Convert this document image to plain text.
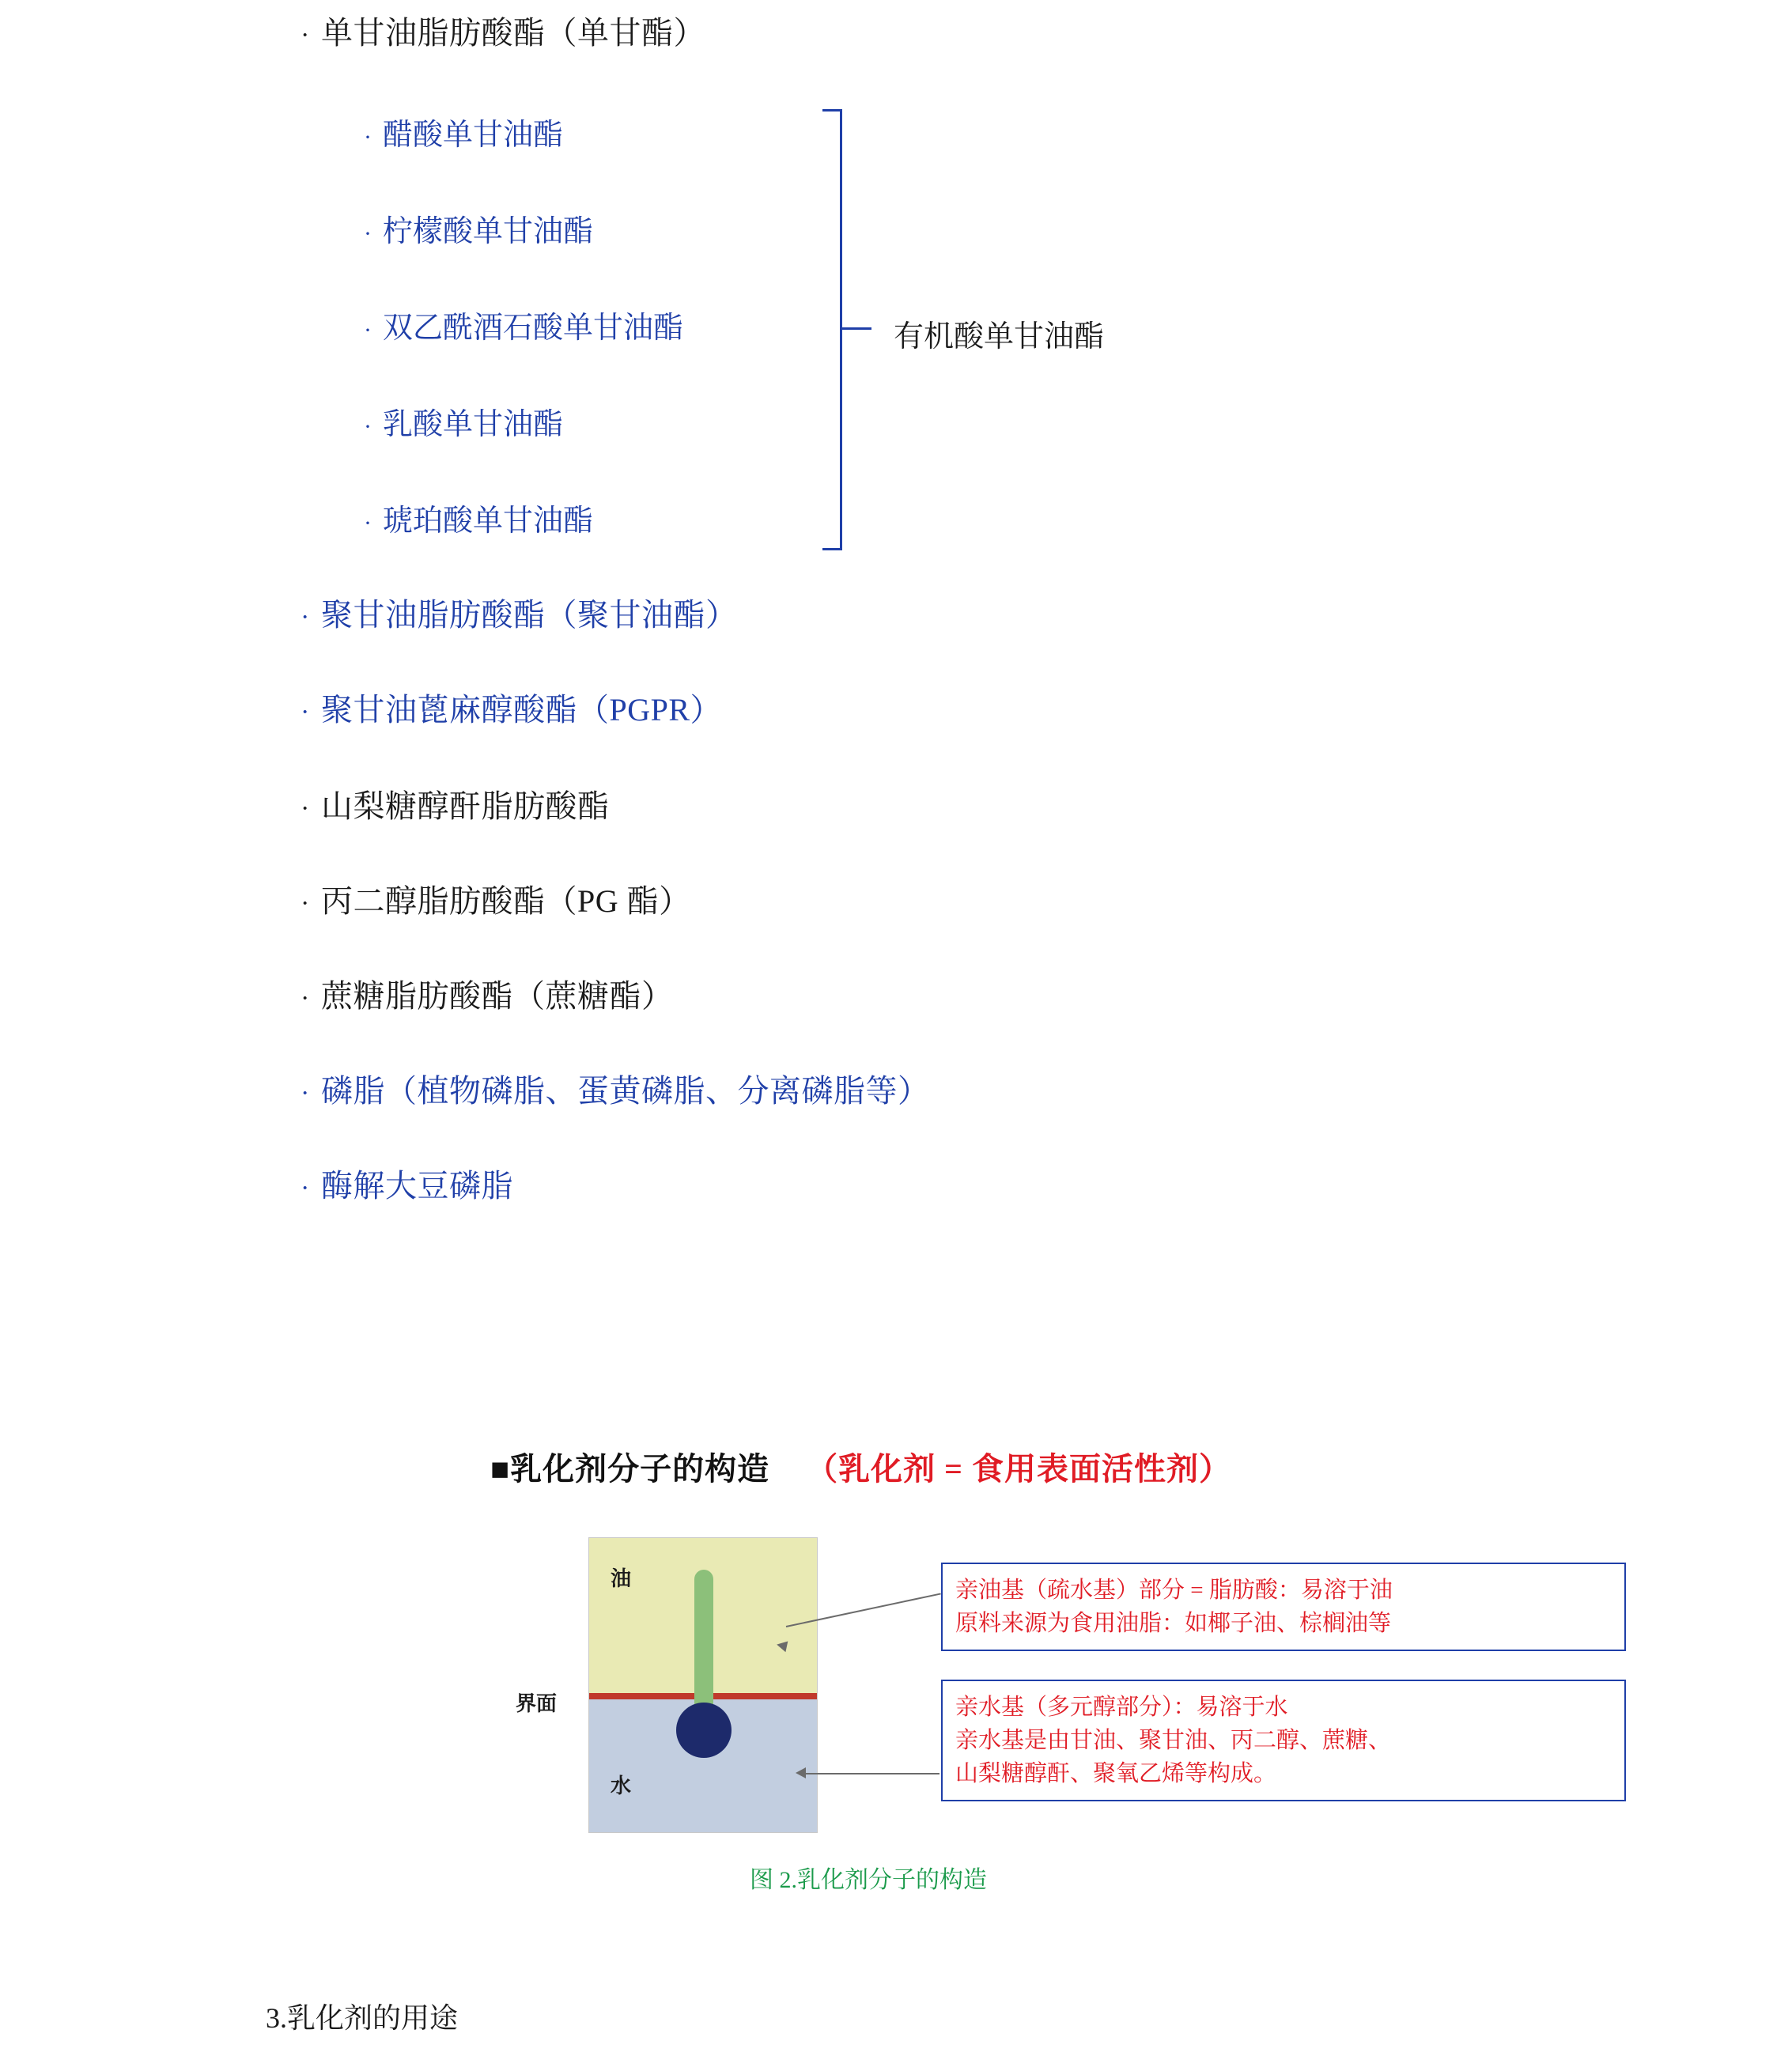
· 单甘油脂肪酸酯（单甘酯）
· 醋酸单甘油酯
· 柠檬酸单甘油酯
· 双乙酰酒石酸单甘油酯
· 乳酸单甘油酯
· 琥珀酸单甘油酯
有机酸单甘油酯
· 聚甘油脂肪酸酯（聚甘油酯）
· 聚甘油蓖麻醇酸酯（PGPR）
· 山梨糖醇酐脂肪酸酯
· 丙二醇脂肪酸酯（PG 酯）
· 蔗糖脂肪酸酯（蔗糖酯）
· 磷脂（植物磷脂、蛋黄磷脂、分离磷脂等）
· 酶解大豆磷脂
■乳化剂分子的构造 （乳化剂 = 食用表面活性剂）
油
水
界面
亲油基（疏水基）部分 = 脂肪酸：易溶于油
原料来源为食用油脂：如椰子油、棕榈油等
亲水基（多元醇部分）：易溶于水
亲水基是由甘油、聚甘油、丙二醇、蔗糖、
山梨糖醇酐、聚氧乙烯等构成。
图 2.乳化剂分子的构造
3.乳化剂的用途
